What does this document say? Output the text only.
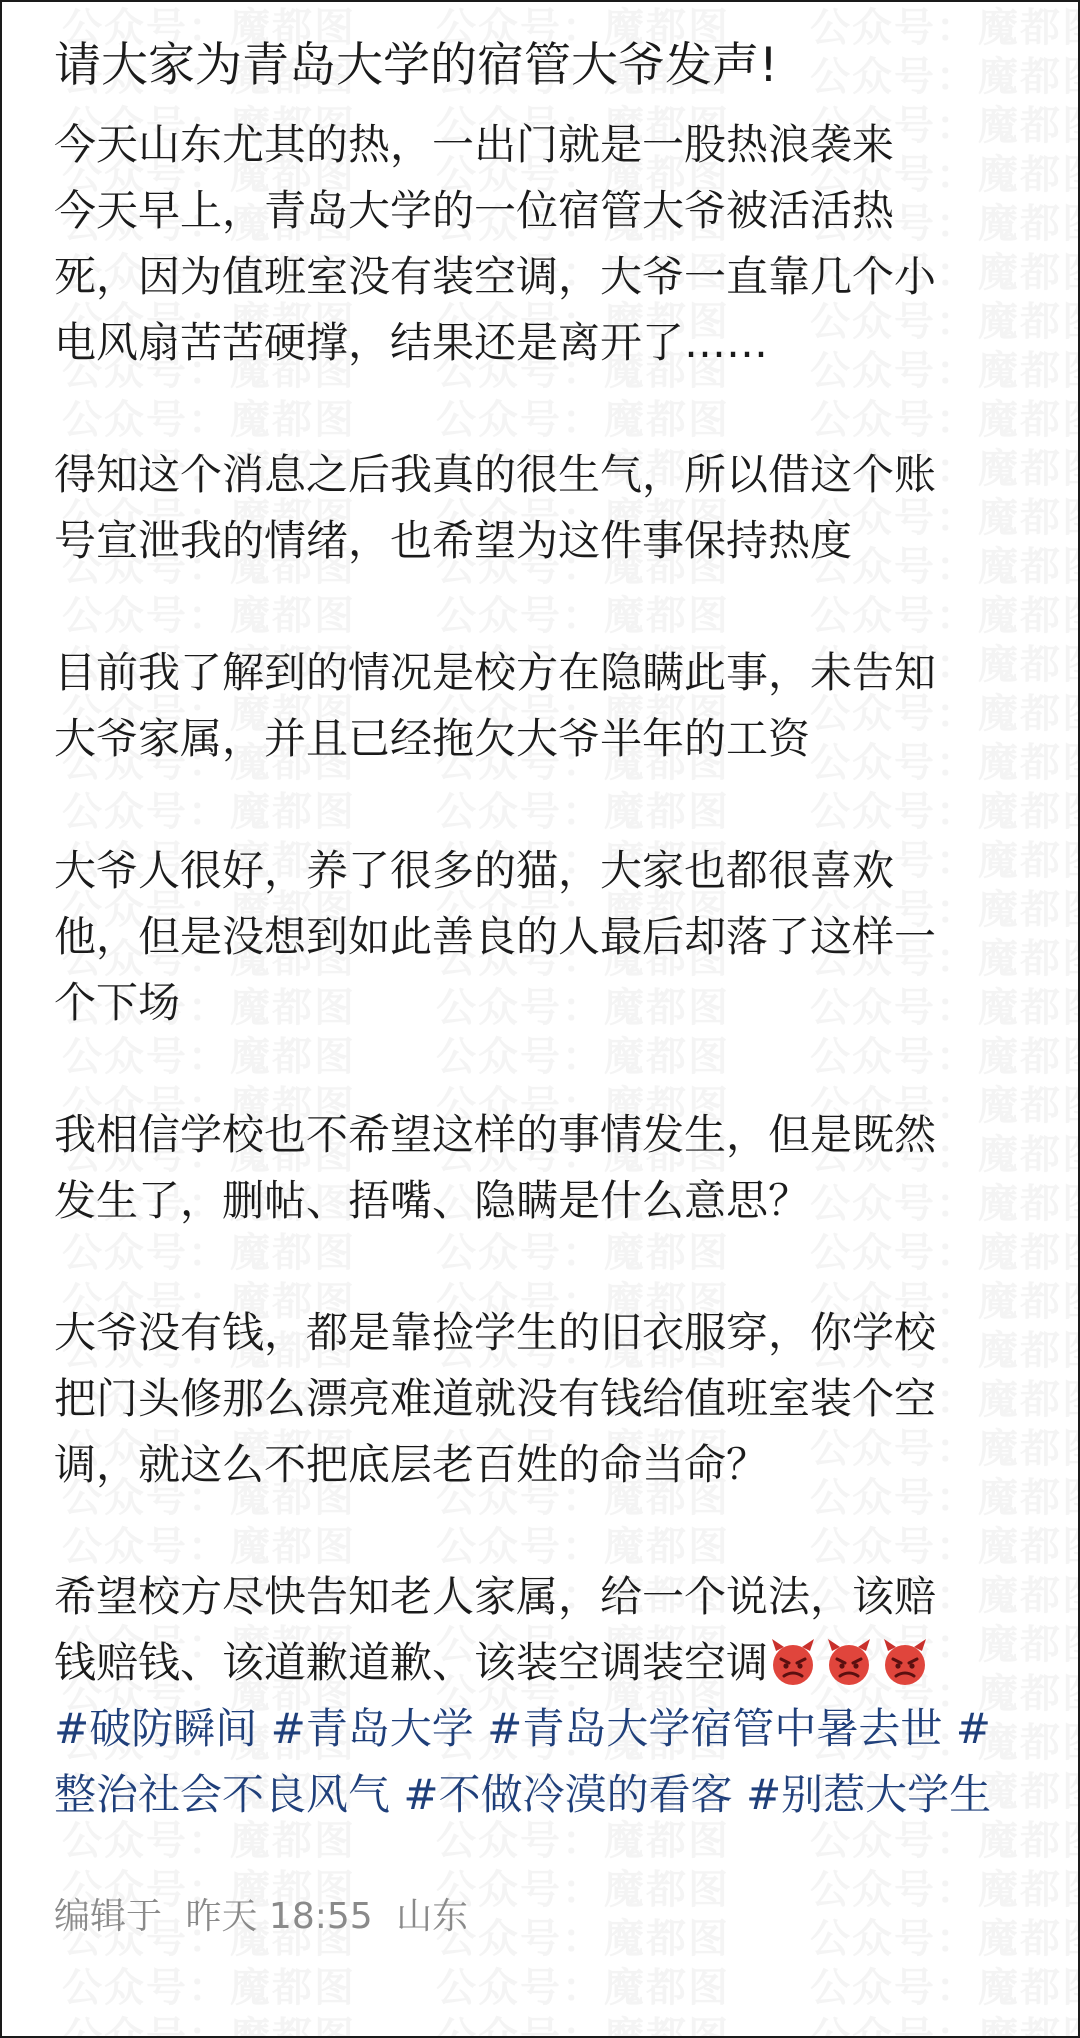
请大家为青岛大学的宿管大爷发声!

今天山东尤其的热，一出门就是一股热浪袭来

今天早上，青岛大学的一位宿管大爷被活活热

死，因为值班室没有装空调，大爷一直靠几个小

电风扇苦苦硬撑，结果还是离开了……

得知这个消息之后我真的很生气，所以借这个账

号宣泄我的情绪，也希望为这件事保持热度

目前我了解到的情况是校方在隐瞒此事，未告知

大爷家属，并且已经拖欠大爷半年的工资

大爷人很好，养了很多的猫，大家也都很喜欢

他，但是没想到如此善良的人最后却落了这样一

个下场

我相信学校也不希望这样的事情发生，但是既然

发生了，删帖、捂嘴、隐瞒是什么意思？

大爷没有钱，都是靠捡学生的旧衣服穿，你学校

把门头修那么漂亮难道就没有钱给值班室装个空

调，就这么不把底层老百姓的命当命？

希望校方尽快告知老人家属，给一个说法，该赔

钱赔钱、该道歉道歉、该装空调装空调

#破防瞬间 #青岛大学 #青岛大学宿管中暑去世 #整治社会不良风气 #不做冷漠的看客 #别惹大学生
编辑于 昨天 18:55 山东
